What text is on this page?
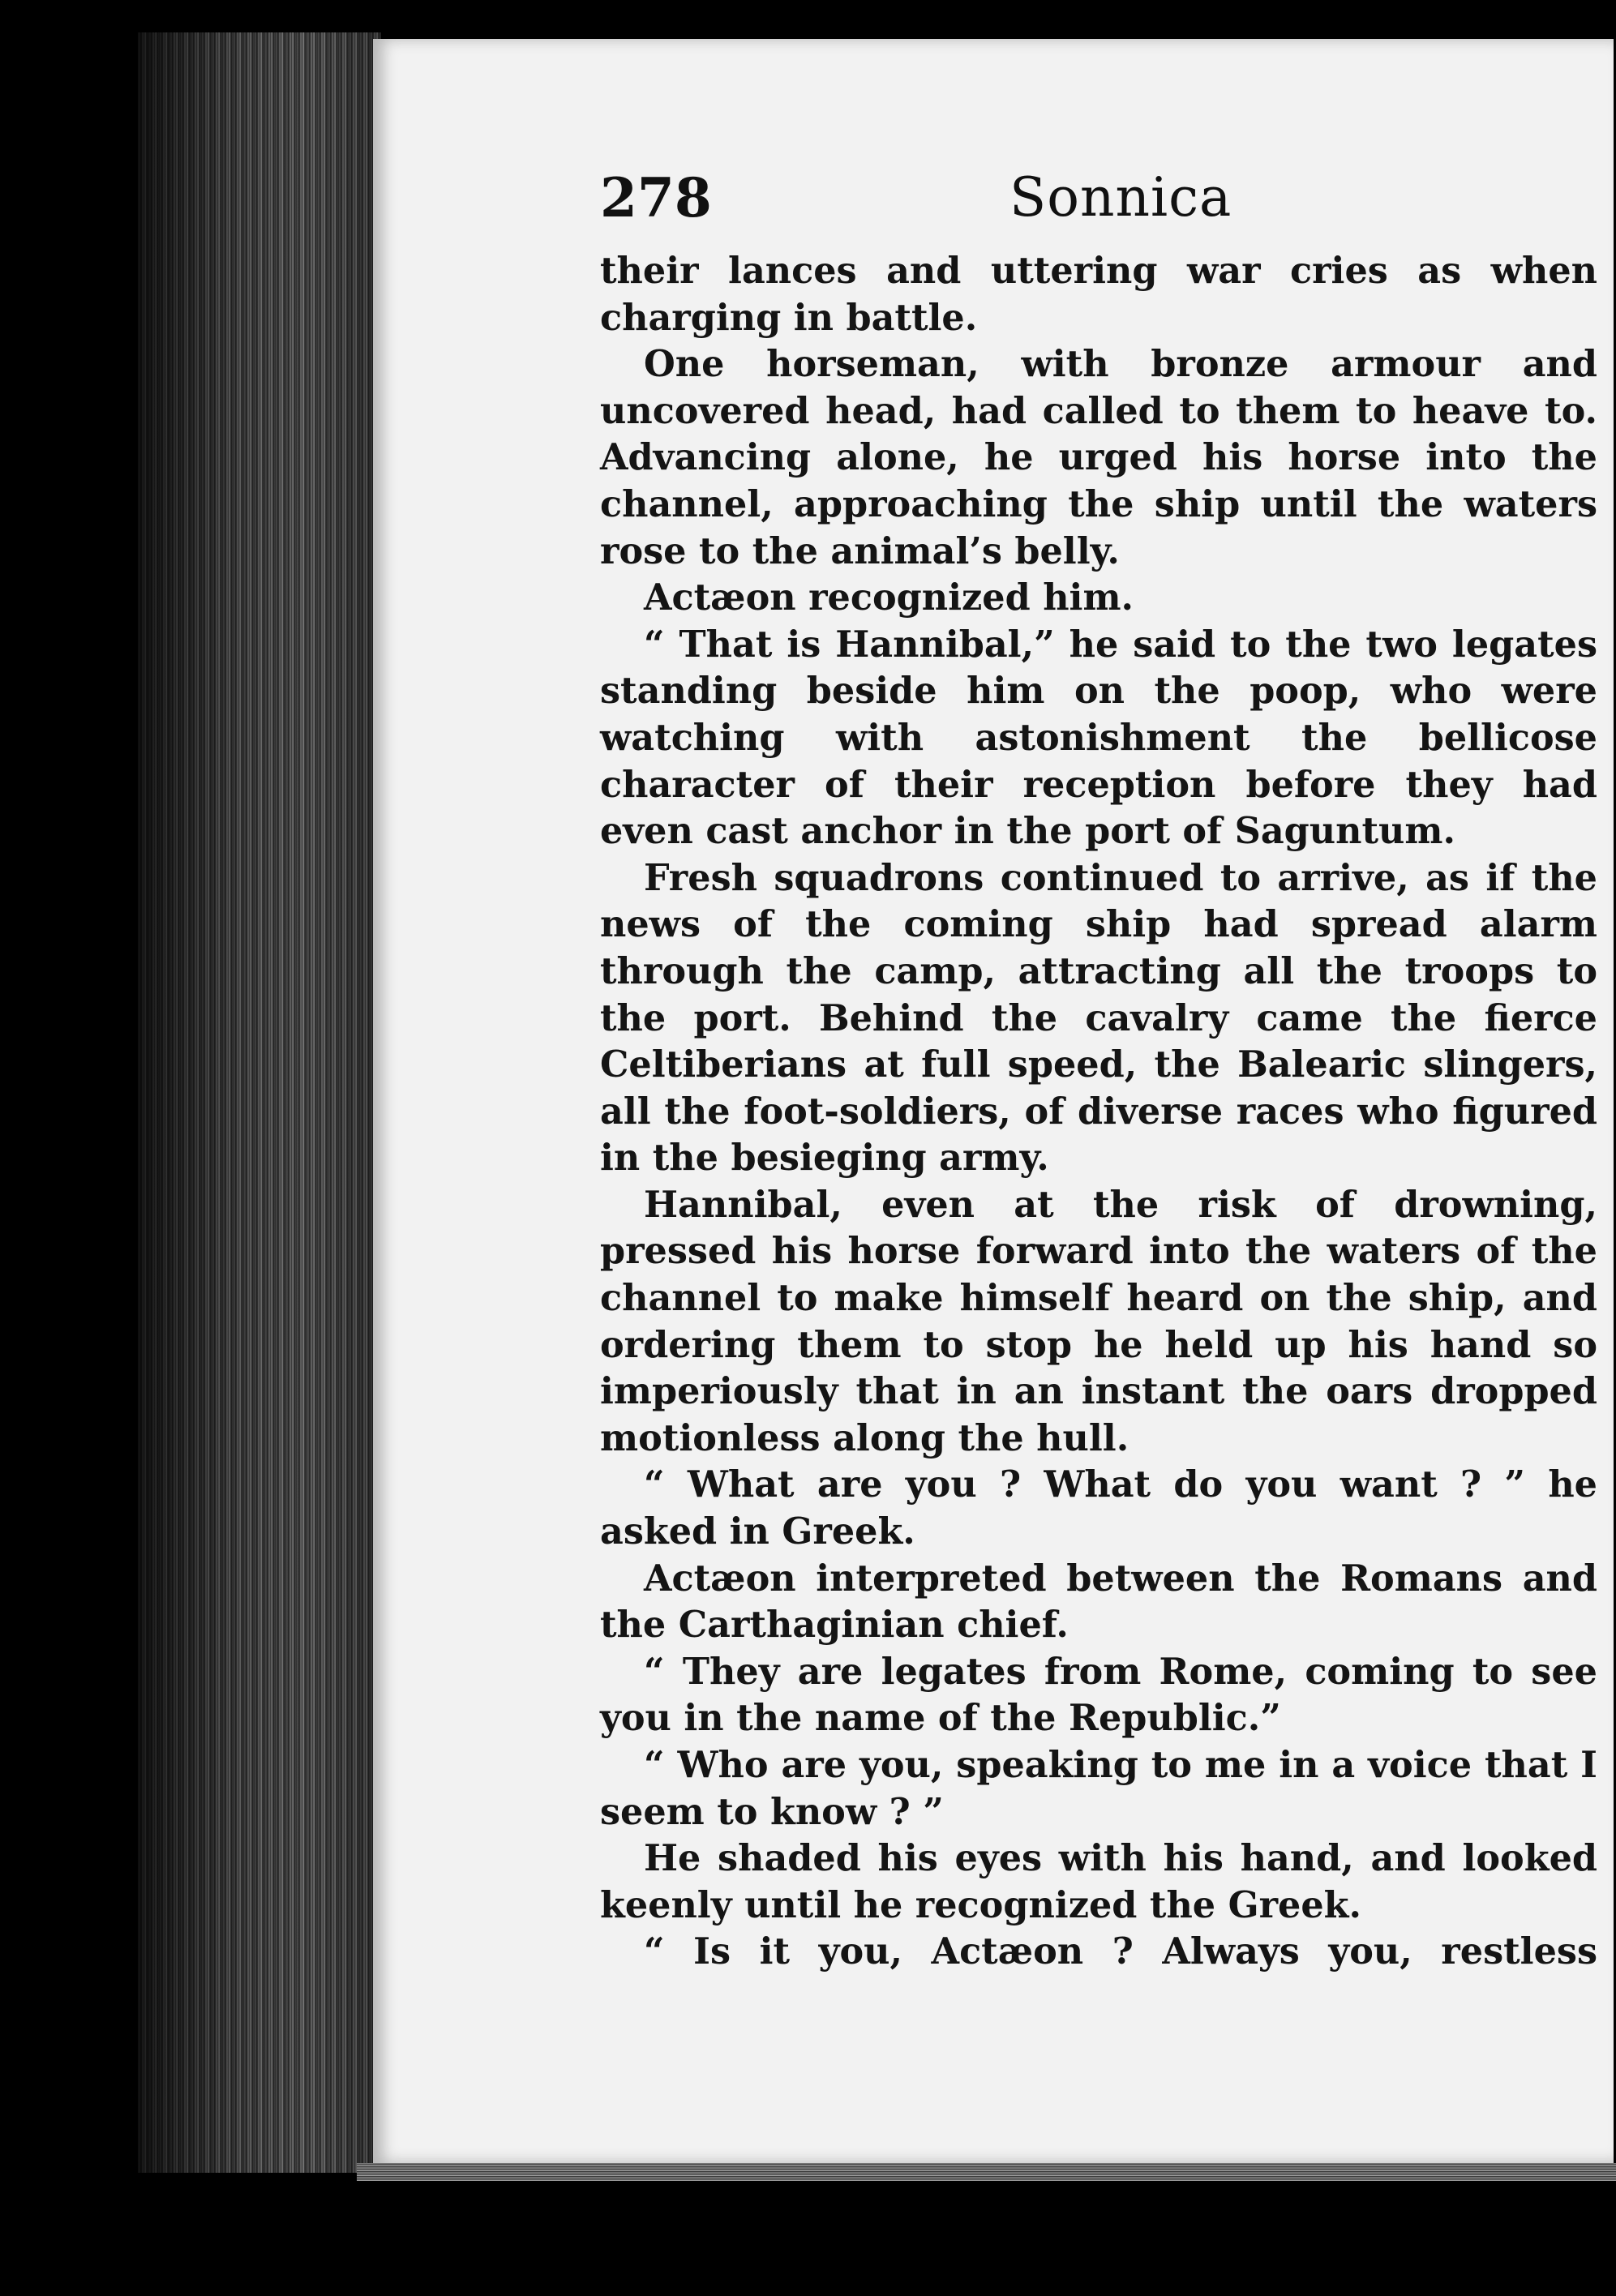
278	Sonnica

their lances and uttering war cries as when charging in battle.

One horseman, with bronze armour and uncovered head, had called to them to heave to. Advancing alone, he urged his horse into the channel, approaching the ship until the waters rose to the animal’s belly.

Actæon recognized him.

“ That is Hannibal,” he said to the two legates standing beside him on the poop, who were watching with astonishment the bellicose character of their reception before they had even cast anchor in the port of Saguntum.

Fresh squadrons continued to arrive, as if the news of the coming ship had spread alarm through the camp, attracting all the troops to the port. Behind the cavalry came the fierce Celtiberians at full speed, the Balearic slingers, all the foot-soldiers, of diverse races who figured in the besieging army.

Hannibal, even at the risk of drowning, pressed his horse forward into the waters of the channel to make himself heard on the ship, and ordering them to stop he held up his hand so imperiously that in an instant the oars dropped motionless along the hull.

“ What are you ? What do you want ? ” he asked in Greek.

Actæon interpreted between the Romans and the Carthaginian chief.

“ They are legates from Rome, coming to see you in the name of the Republic.”

“ Who are you, speaking to me in a voice that I seem to know ? ”

He shaded his eyes with his hand, and looked keenly until he recognized the Greek.

“ Is it you, Actæon ? Always you, restless
